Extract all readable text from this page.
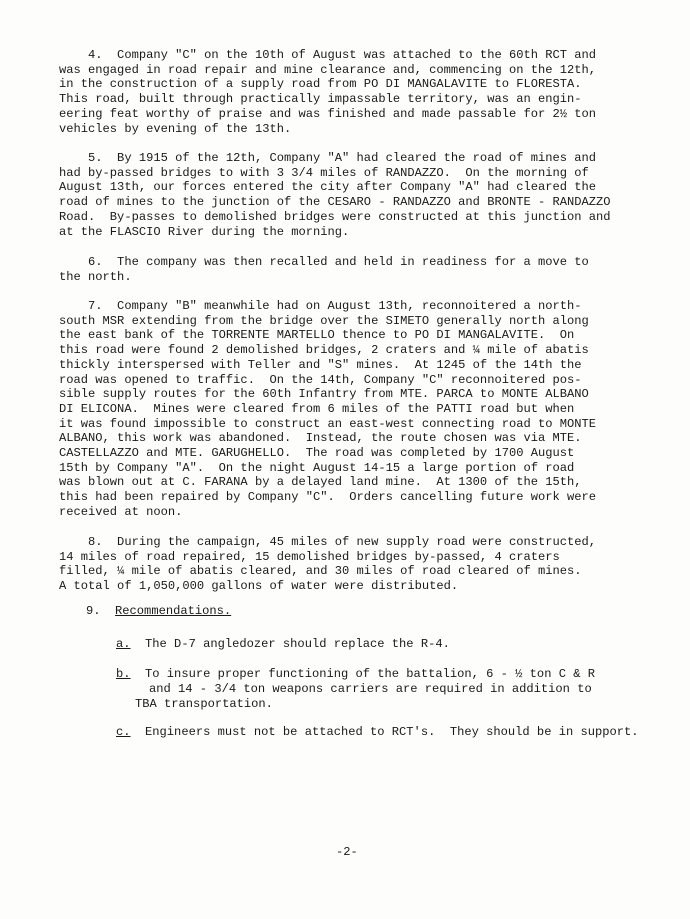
4.  Company "C" on the 10th of August was attached to the 60th RCT and
was engaged in road repair and mine clearance and, commencing on the 12th,
in the construction of a supply road from PO DI MANGALAVITE to FLORESTA.
This road, built through practically impassable territory, was an engin-
eering feat worthy of praise and was finished and made passable for 2½ ton
vehicles by evening of the 13th.
5.  By 1915 of the 12th, Company "A" had cleared the road of mines and
had by-passed bridges to with 3 3/4 miles of RANDAZZO.  On the morning of
August 13th, our forces entered the city after Company "A" had cleared the
road of mines to the junction of the CESARO - RANDAZZO and BRONTE - RANDAZZO
Road.  By-passes to demolished bridges were constructed at this junction and
at the FLASCIO River during the morning.
6.  The company was then recalled and held in readiness for a move to
the north.
7.  Company "B" meanwhile had on August 13th, reconnoitered a north-
south MSR extending from the bridge over the SIMETO generally north along
the east bank of the TORRENTE MARTELLO thence to PO DI MANGALAVITE.  On
this road were found 2 demolished bridges, 2 craters and ¼ mile of abatis
thickly interspersed with Teller and "S" mines.  At 1245 of the 14th the
road was opened to traffic.  On the 14th, Company "C" reconnoitered pos-
sible supply routes for the 60th Infantry from MTE. PARCA to MONTE ALBANO
DI ELICONA.  Mines were cleared from 6 miles of the PATTI road but when
it was found impossible to construct an east-west connecting road to MONTE
ALBANO, this work was abandoned.  Instead, the route chosen was via MTE.
CASTELLAZZO and MTE. GARUGHELLO.  The road was completed by 1700 August
15th by Company "A".  On the night August 14-15 a large portion of road
was blown out at C. FARANA by a delayed land mine.  At 1300 of the 15th,
this had been repaired by Company "C".  Orders cancelling future work were
received at noon.
8.  During the campaign, 45 miles of new supply road were constructed,
14 miles of road repaired, 15 demolished bridges by-passed, 4 craters
filled, ¼ mile of abatis cleared, and 30 miles of road cleared of mines.
A total of 1,050,000 gallons of water were distributed.
9. Recommendations.
a. The D-7 angledozer should replace the R-4.
b. To insure proper functioning of the battalion, 6 - ½ ton C & R
and 14 - 3/4 ton weapons carriers are required in addition to
TBA transportation.
c. Engineers must not be attached to RCT's.  They should be in support.
-2-
